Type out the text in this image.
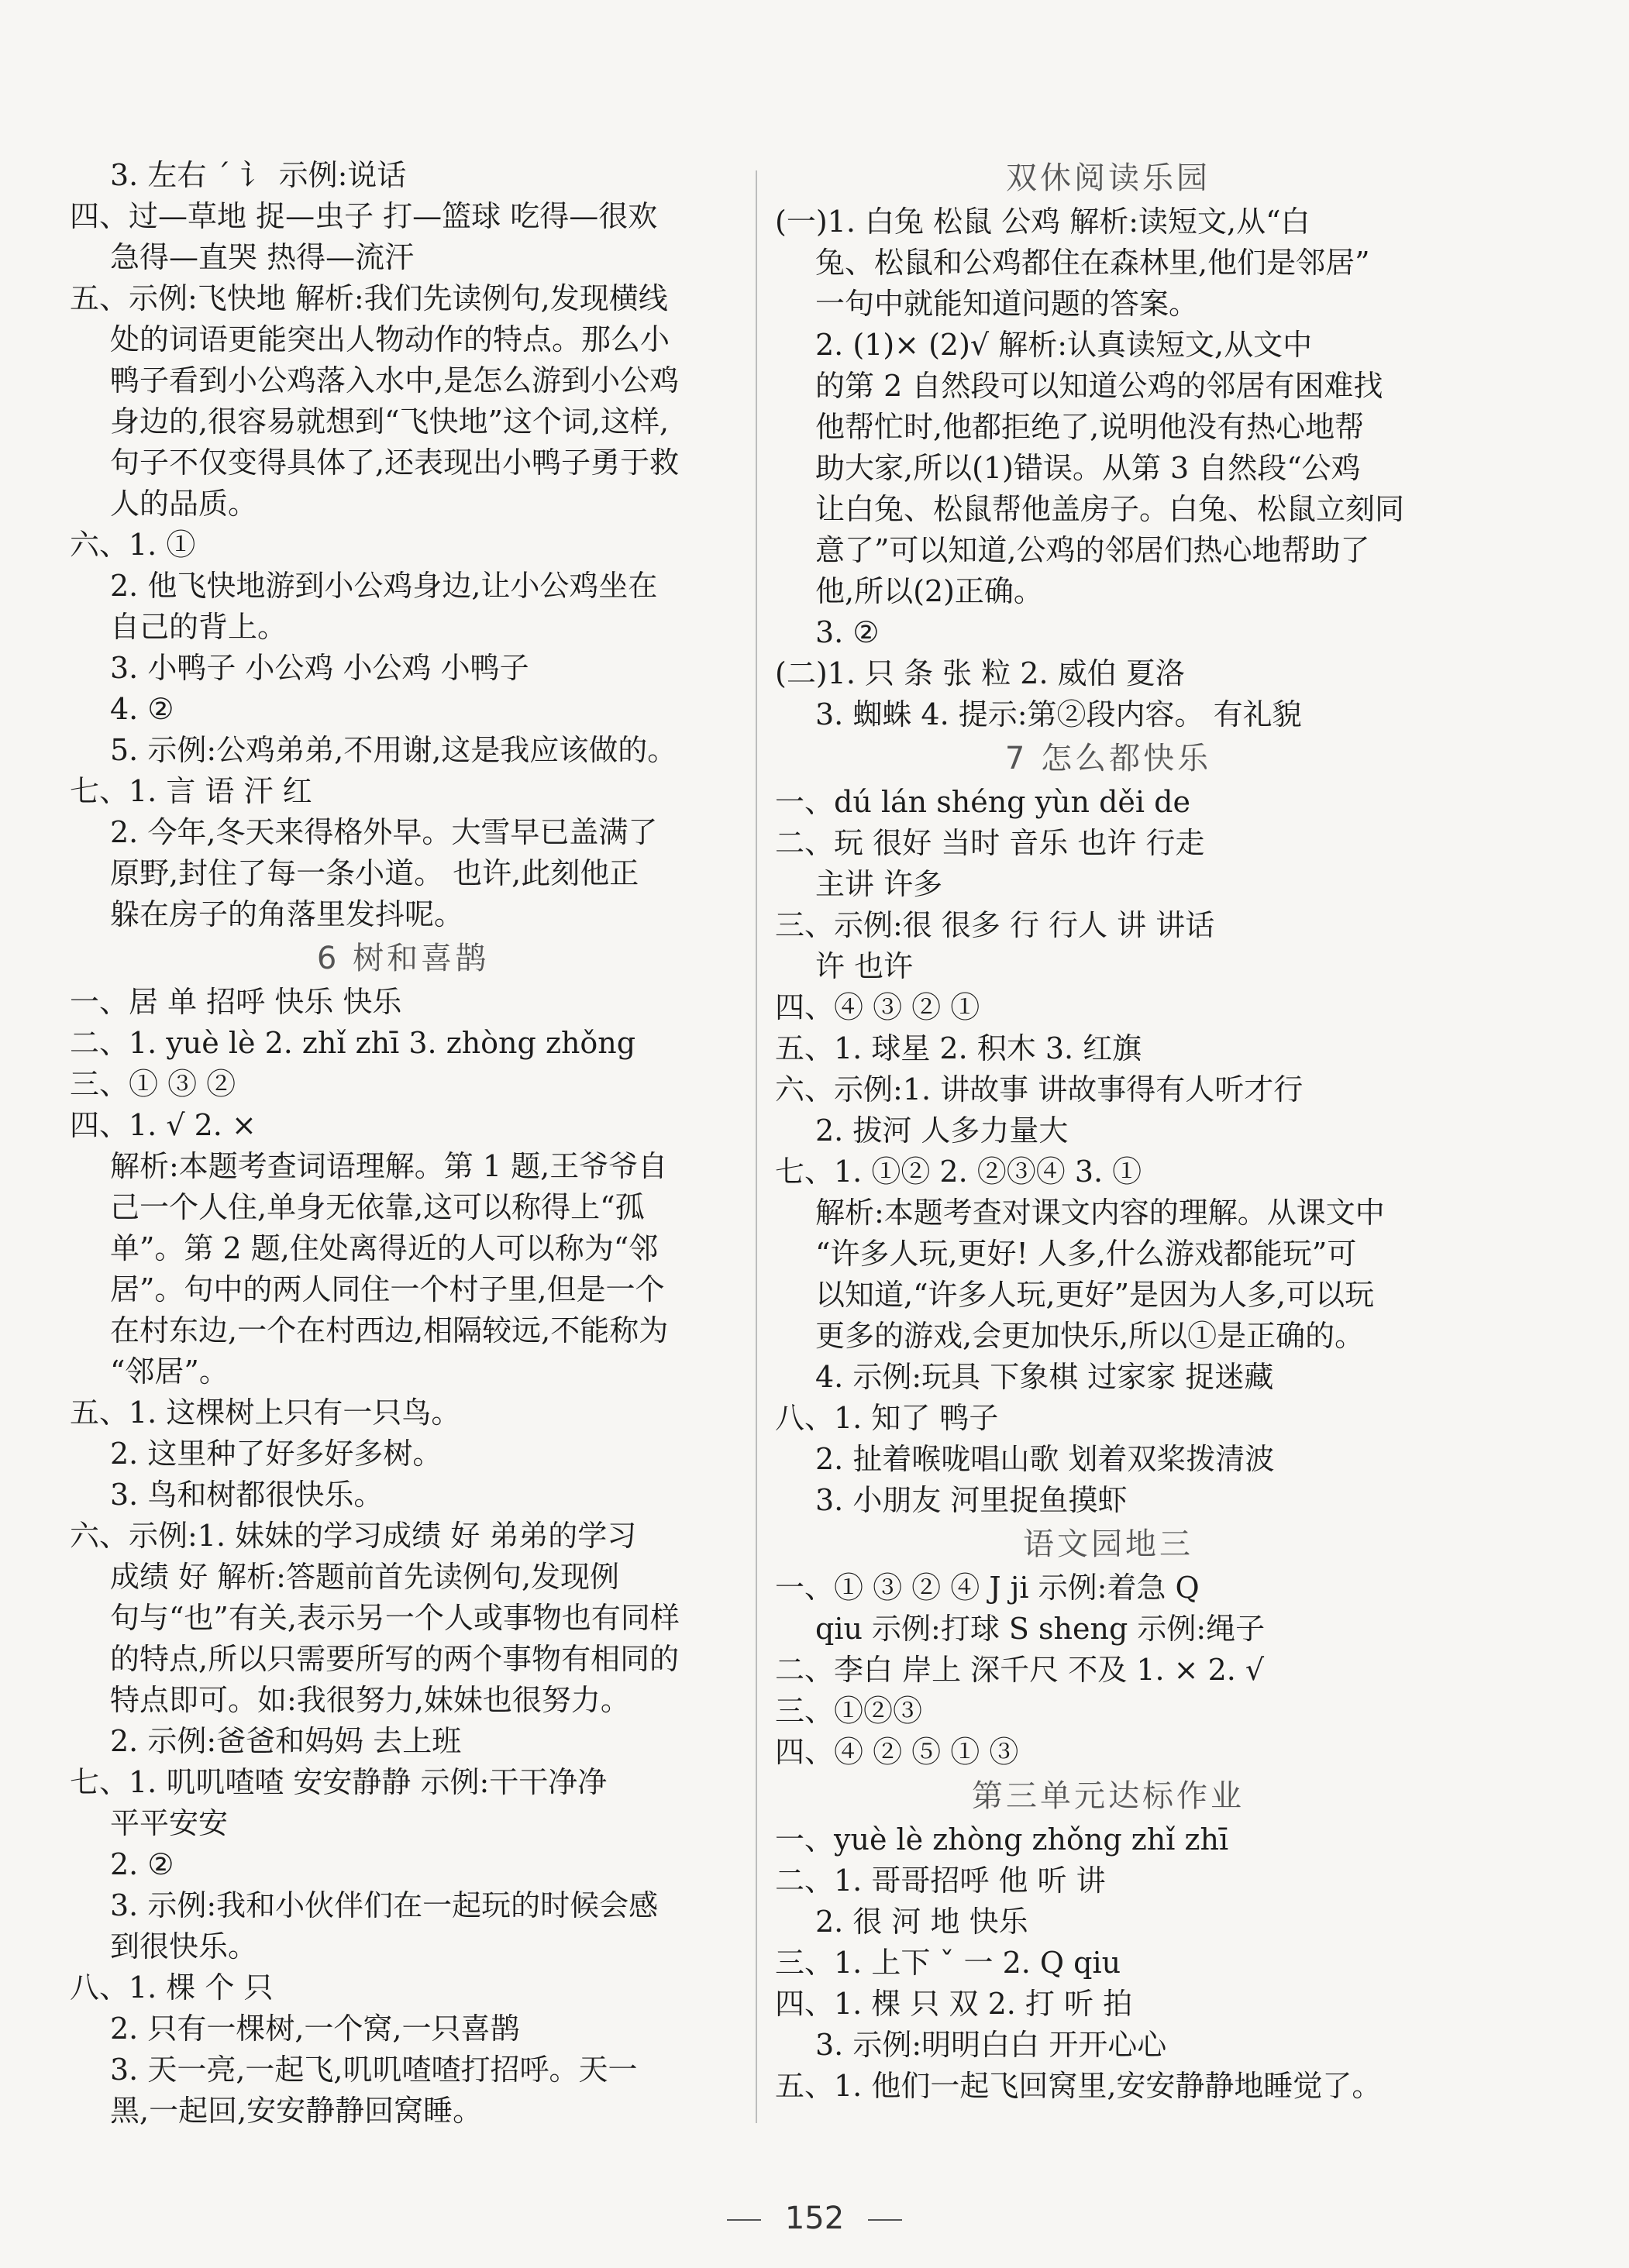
3. 左右 ˊ 讠 示例:说话
四、过—草地 捉—虫子 打—篮球 吃得—很欢
急得—直哭 热得—流汗
五、示例:飞快地 解析:我们先读例句,发现横线
处的词语更能突出人物动作的特点。那么小
鸭子看到小公鸡落入水中,是怎么游到小公鸡
身边的,很容易就想到“飞快地”这个词,这样,
句子不仅变得具体了,还表现出小鸭子勇于救
人的品质。
六、1. ①
2. 他飞快地游到小公鸡身边,让小公鸡坐在
自己的背上。
3. 小鸭子 小公鸡 小公鸡 小鸭子
4. ②
5. 示例:公鸡弟弟,不用谢,这是我应该做的。
七、1. 言 语 汗 红
2. 今年,冬天来得格外早。大雪早已盖满了
原野,封住了每一条小道。 也许,此刻他正
躲在房子的角落里发抖呢。
6 树和喜鹊
一、居 单 招呼 快乐 快乐
二、1. yuè lè 2. zhǐ zhī 3. zhòng zhǒng
三、① ③ ②
四、1. √ 2. ×
解析:本题考查词语理解。第 1 题,王爷爷自
己一个人住,单身无依靠,这可以称得上“孤
单”。第 2 题,住处离得近的人可以称为“邻
居”。句中的两人同住一个村子里,但是一个
在村东边,一个在村西边,相隔较远,不能称为
“邻居”。
五、1. 这棵树上只有一只鸟。
2. 这里种了好多好多树。
3. 鸟和树都很快乐。
六、示例:1. 妹妹的学习成绩 好 弟弟的学习
成绩 好 解析:答题前首先读例句,发现例
句与“也”有关,表示另一个人或事物也有同样
的特点,所以只需要所写的两个事物有相同的
特点即可。如:我很努力,妹妹也很努力。
2. 示例:爸爸和妈妈 去上班
七、1. 叽叽喳喳 安安静静 示例:干干净净
平平安安
2. ②
3. 示例:我和小伙伴们在一起玩的时候会感
到很快乐。
八、1. 棵 个 只
2. 只有一棵树,一个窝,一只喜鹊
3. 天一亮,一起飞,叽叽喳喳打招呼。天一
黑,一起回,安安静静回窝睡。
双休阅读乐园
(一)1. 白兔 松鼠 公鸡 解析:读短文,从“白
兔、松鼠和公鸡都住在森林里,他们是邻居”
一句中就能知道问题的答案。
2. (1)× (2)√ 解析:认真读短文,从文中
的第 2 自然段可以知道公鸡的邻居有困难找
他帮忙时,他都拒绝了,说明他没有热心地帮
助大家,所以(1)错误。从第 3 自然段“公鸡
让白兔、松鼠帮他盖房子。白兔、松鼠立刻同
意了”可以知道,公鸡的邻居们热心地帮助了
他,所以(2)正确。
3. ②
(二)1. 只 条 张 粒 2. 威伯 夏洛
3. 蜘蛛 4. 提示:第②段内容。 有礼貌
7 怎么都快乐
一、dú lán shéng yùn děi de
二、玩 很好 当时 音乐 也许 行走
主讲 许多
三、示例:很 很多 行 行人 讲 讲话
许 也许
四、④ ③ ② ①
五、1. 球星 2. 积木 3. 红旗
六、示例:1. 讲故事 讲故事得有人听才行
2. 拔河 人多力量大
七、1. ①② 2. ②③④ 3. ①
解析:本题考查对课文内容的理解。从课文中
“许多人玩,更好! 人多,什么游戏都能玩”可
以知道,“许多人玩,更好”是因为人多,可以玩
更多的游戏,会更加快乐,所以①是正确的。
4. 示例:玩具 下象棋 过家家 捉迷藏
八、1. 知了 鸭子
2. 扯着喉咙唱山歌 划着双桨拨清波
3. 小朋友 河里捉鱼摸虾
语文园地三
一、① ③ ② ④ J ji 示例:着急 Q
qiu 示例:打球 S sheng 示例:绳子
二、李白 岸上 深千尺 不及 1. × 2. √
三、①②③
四、④ ② ⑤ ① ③
第三单元达标作业
一、yuè lè zhòng zhǒng zhǐ zhī
二、1. 哥哥招呼 他 听 讲
2. 很 河 地 快乐
三、1. 上下 ˇ 一 2. Q qiu
四、1. 棵 只 双 2. 打 听 拍
3. 示例:明明白白 开开心心
五、1. 他们一起飞回窝里,安安静静地睡觉了。
152
